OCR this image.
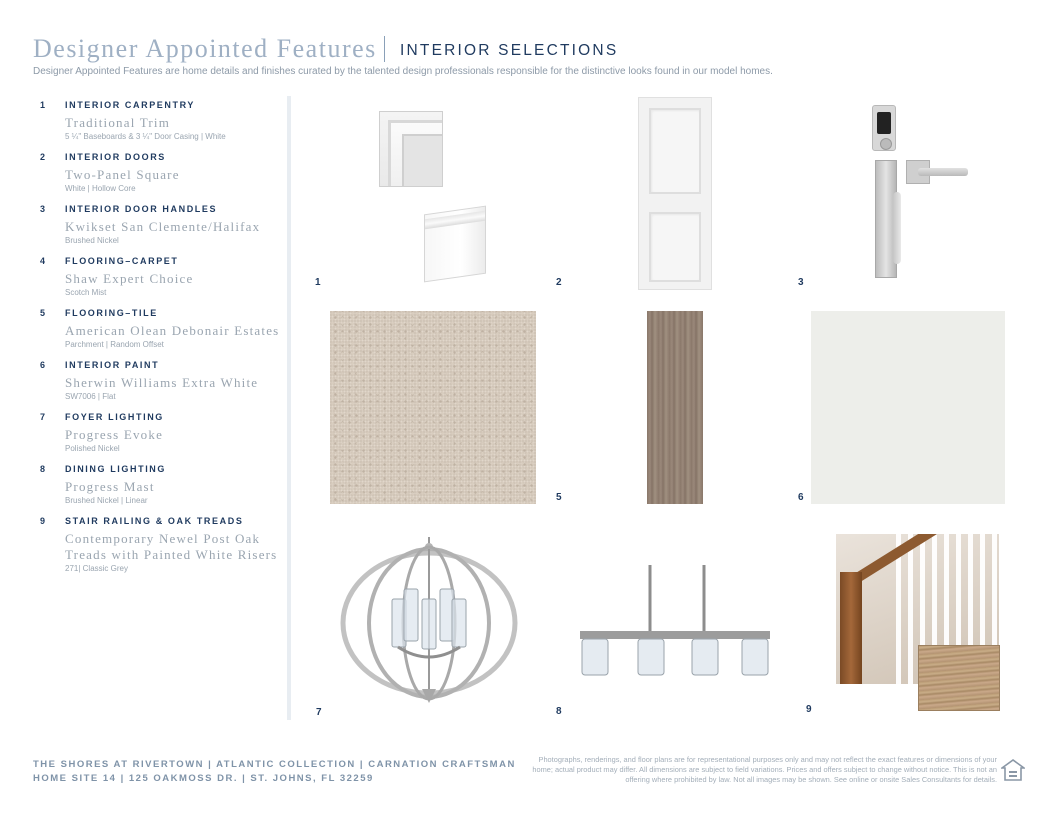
Designer Appointed Features INTERIOR SELECTIONS
Designer Appointed Features are home details and finishes curated by the talented design professionals responsible for the distinctive looks found in our model homes.
1 INTERIOR CARPENTRY
Traditional Trim
5 ¼" Baseboards & 3 ¼" Door Casing | White
2 INTERIOR DOORS
Two-Panel Square
White | Hollow Core
3 INTERIOR DOOR HANDLES
Kwikset San Clemente/Halifax
Brushed Nickel
4 FLOORING–CARPET
Shaw Expert Choice
Scotch Mist
5 FLOORING–TILE
American Olean Debonair Estates
Parchment | Random Offset
6 INTERIOR PAINT
Sherwin Williams Extra White
SW7006 | Flat
7 FOYER LIGHTING
Progress Evoke
Polished Nickel
8 DINING LIGHTING
Progress Mast
Brushed Nickel | Linear
9 STAIR RAILING & OAK TREADS
Contemporary Newel Post Oak Treads with Painted White Risers
271| Classic Grey
1	2	3
5	6
7	8	9
THE SHORES AT RIVERTOWN | ATLANTIC COLLECTION | CARNATION CRAFTSMAN
HOME SITE 14 | 125 OAKMOSS DR. | ST. JOHNS, FL 32259
Photographs, renderings, and floor plans are for representational purposes only and may not reflect the exact features or dimensions of your home; actual product may differ. All dimensions are subject to field variations. Prices and offers subject to change without notice. This is not an offering where prohibited by law. Not all images may be shown. See online or onsite Sales Consultants for details.
